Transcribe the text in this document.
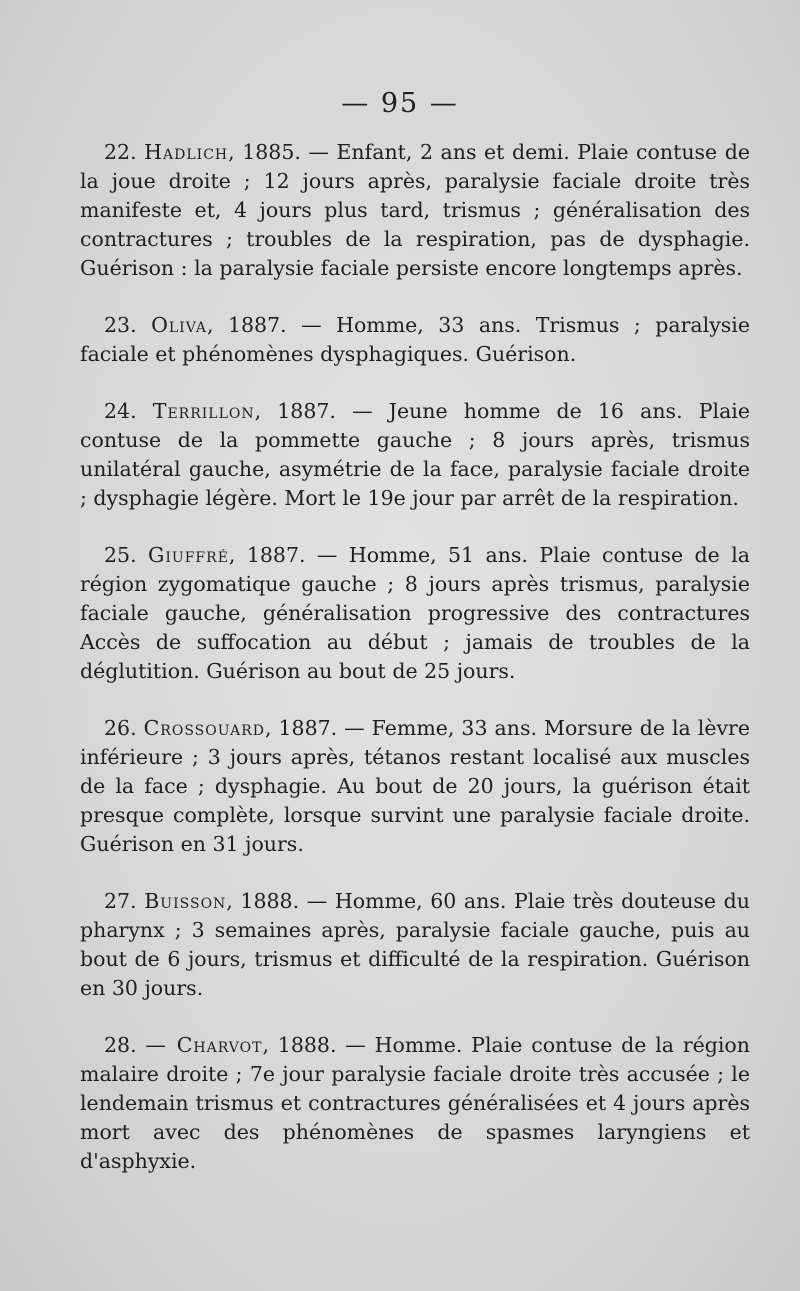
— 95 —

22. Hadlich, 1885. — Enfant, 2 ans et demi. Plaie contuse de la joue droite ; 12 jours après, paralysie faciale droite très manifeste et, 4 jours plus tard, trismus ; généralisation des contractures ; troubles de la respiration, pas de dysphagie. Guérison : la paralysie faciale persiste encore longtemps après.

23. Oliva, 1887. — Homme, 33 ans. Trismus ; paralysie faciale et phénomènes dysphagiques. Guérison.

24. Terrillon, 1887. — Jeune homme de 16 ans. Plaie contuse de la pommette gauche ; 8 jours après, trismus unilatéral gauche, asymétrie de la face, paralysie faciale droite ; dysphagie légère. Mort le 19e jour par arrêt de la respiration.

25. Giuffré, 1887. — Homme, 51 ans. Plaie contuse de la région zygomatique gauche ; 8 jours après trismus, paralysie faciale gauche, généralisation progressive des contractures Accès de suffocation au début ; jamais de troubles de la déglutition. Guérison au bout de 25 jours.

26. Crossouard, 1887. — Femme, 33 ans. Morsure de la lèvre inférieure ; 3 jours après, tétanos restant localisé aux muscles de la face ; dysphagie. Au bout de 20 jours, la guérison était presque complète, lorsque survint une paralysie faciale droite. Guérison en 31 jours.

27. Buisson, 1888. — Homme, 60 ans. Plaie très douteuse du pharynx ; 3 semaines après, paralysie faciale gauche, puis au bout de 6 jours, trismus et difficulté de la respiration. Guérison en 30 jours.

28. — Charvot, 1888. — Homme. Plaie contuse de la région malaire droite ; 7e jour paralysie faciale droite très accusée ; le lendemain trismus et contractures généralisées et 4 jours après mort avec des phénomènes de spasmes laryngiens et d'asphyxie.
